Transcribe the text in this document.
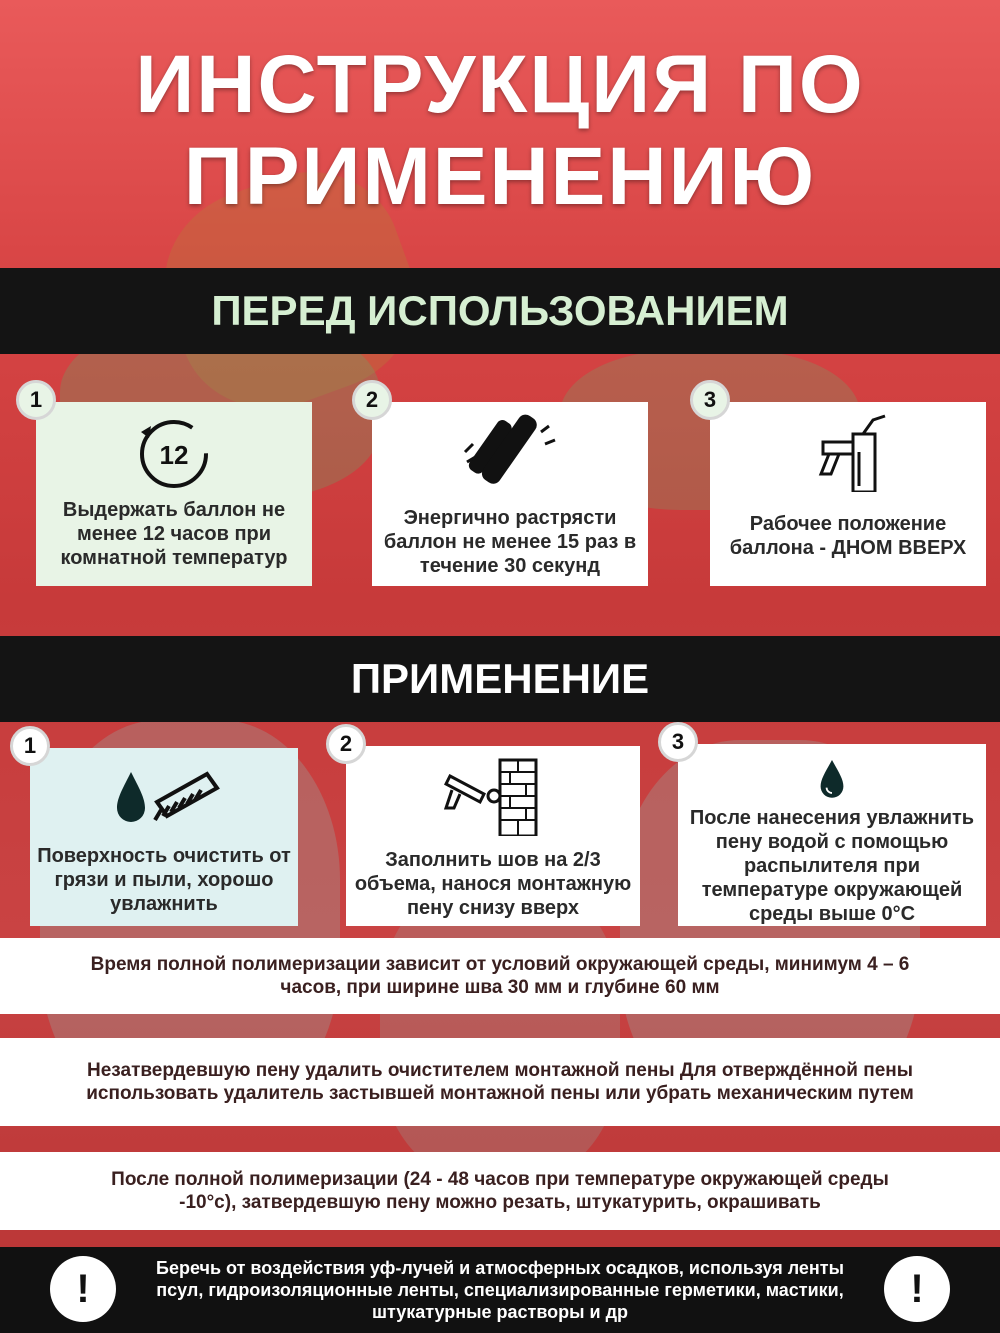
ИНСТРУКЦИЯ ПО
ПРИМЕНЕНИЮ
ПЕРЕД ИСПОЛЬЗОВАНИЕМ
12
Выдержать баллон не менее 12 часов при комнатной температур
1
Энергично растрясти баллон не менее 15 раз в течение 30 секунд
2
Рабочее положение баллона - ДНОМ ВВЕРХ
3
ПРИМЕНЕНИЕ
Поверхность очистить от грязи и пыли, хорошо увлажнить
1
Заполнить шов на 2/3 объема, нанося монтажную пену снизу вверх
2
После нанесения увлажнить пену водой с помощью распылителя при температуре окружающей среды выше 0°С
3
Время полной полимеризации зависит от условий окружающей среды, минимум 4 – 6 часов, при ширине шва 30 мм и глубине 60 мм
Незатвердевшую пену удалить очистителем монтажной пены Для отверждённой пены использовать удалитель застывшей монтажной пены или убрать механическим путем
После полной полимеризации (24 - 48 часов при температуре окружающей среды -10°с), затвердевшую пену можно резать, штукатурить, окрашивать
!	Беречь от воздействия уф-лучей и атмосферных осадков, используя ленты псул, гидроизоляционные ленты, специализированные герметики, мастики, штукатурные растворы и др
!
